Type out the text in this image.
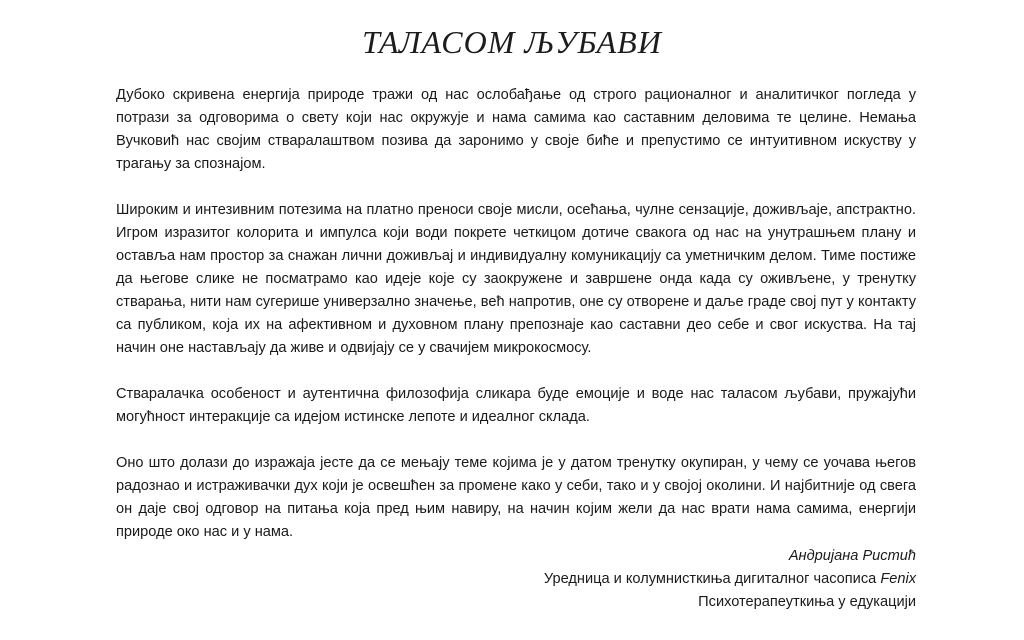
ТАЛАСОМ ЉУБАВИ

Дубоко скривена енергија природе тражи од нас ослобађање од строго рационалног и аналитичког погледа у потрази за одговорима о свету који нас окружује и нама самима као саставним деловима те целине. Немања Вучковић нас својим стваралаштвом позива да заронимо у своје биће и препустимо се интуитивном искуству у трагању за спознајом.

Широким и интезивним потезима на платно преноси своје мисли, осећања, чулне сензације, доживљаје, апстрактно. Игром изразитог колорита и импулса који води покрете четкицом дотиче свакога од нас на унутрашњем плану и оставља нам простор за снажан лични доживљај и индивидуалну комуникацију са уметничким делом. Тиме постиже да његове слике не посматрамо као идеје које су заокружене и завршене онда када су оживљене, у тренутку стварања, нити нам сугерише универзално значење, већ напротив, оне су отворене и даље граде свој пут у контакту са публиком, која их на афективном и духовном плану препознаје као саставни део себе и свог искуства. На тај начин оне настављају да живе и одвијају се у свачијем микрокосмосу.

Стваралачка особеност и аутентична филозофија сликара буде емоције и воде нас таласом љубави, пружајући могућност интеракције са идејом истинске лепоте и идеалног склада.

Оно што долази до изражаја јесте да се мењају теме којима је у датом тренутку окупиран, у чему се уочава његов радознао и истраживачки дух који је освешћен за промене како у себи, тако и у својој околини. И најбитније од свега он даје свој одговор на питања која пред њим навиру, на начин којим жели да нас врати нама самима, енергији природе око нас и у нама.

Андријана Ристић
Уредница и колумнисткиња дигиталног часописа Fenix
Психотерапеуткиња у едукацији
